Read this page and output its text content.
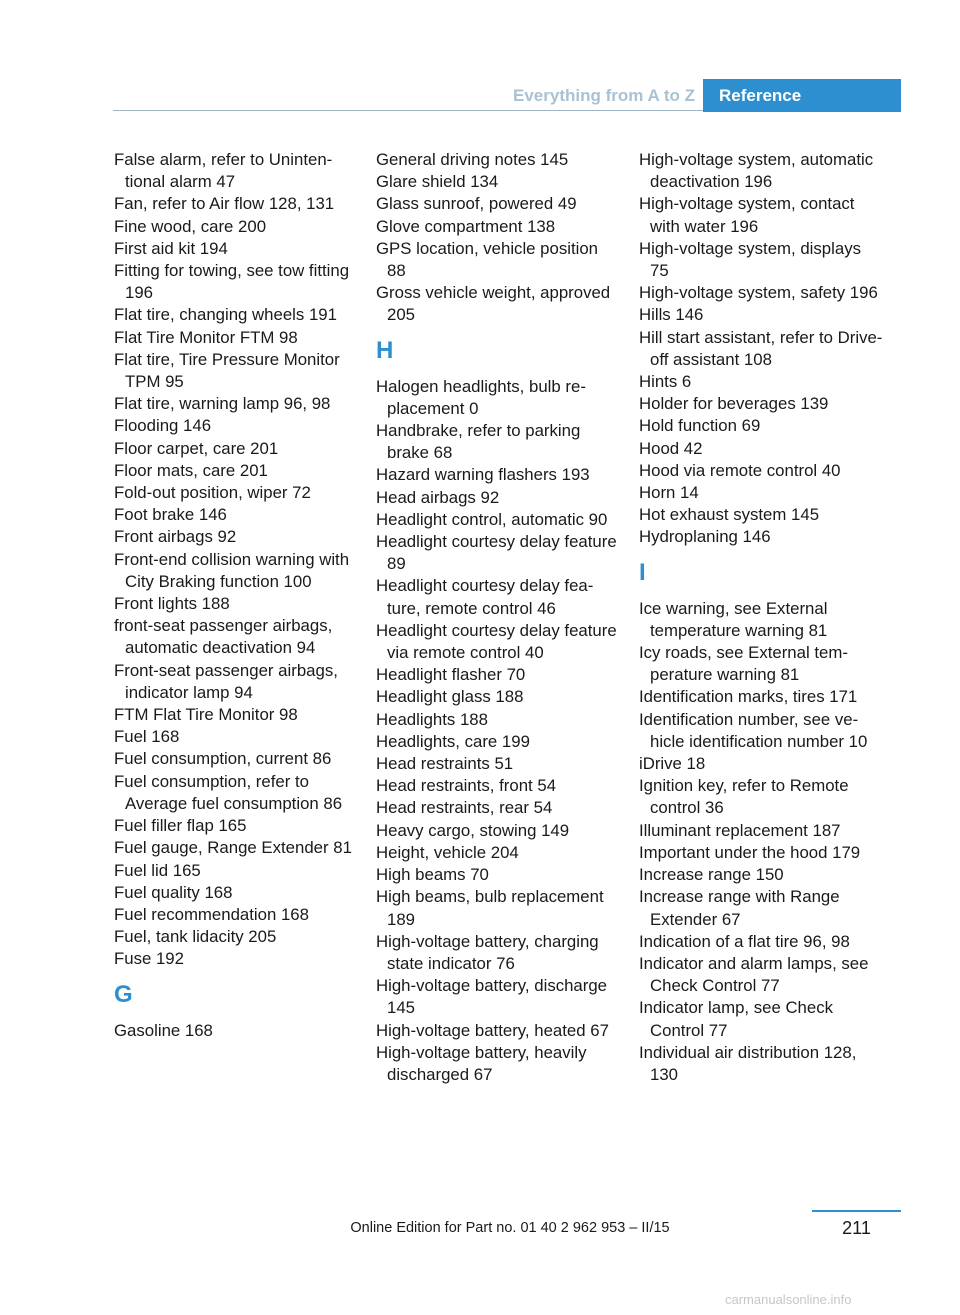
Everything from A to Z	Reference
False alarm, refer to Unintentional alarm 47
Fan, refer to Air flow 128, 131
Fine wood, care 200
First aid kit 194
Fitting for towing, see tow fitting 196
Flat tire, changing wheels 191
Flat Tire Monitor FTM 98
Flat tire, Tire Pressure Monitor TPM 95
Flat tire, warning lamp 96, 98
Flooding 146
Floor carpet, care 201
Floor mats, care 201
Fold-out position, wiper 72
Foot brake 146
Front airbags 92
Front-end collision warning with City Braking function 100
Front lights 188
front-seat passenger airbags, automatic deactivation 94
Front-seat passenger airbags, indicator lamp 94
FTM Flat Tire Monitor 98
Fuel 168
Fuel consumption, current 86
Fuel consumption, refer to Average fuel consumption 86
Fuel filler flap 165
Fuel gauge, Range Extender 81
Fuel lid 165
Fuel quality 168
Fuel recommendation 168
Fuel, tank lidacity 205
Fuse 192
G
Gasoline 168
General driving notes 145
Glare shield 134
Glass sunroof, powered 49
Glove compartment 138
GPS location, vehicle position 88
Gross vehicle weight, approved 205
H
Halogen headlights, bulb replacement 0
Handbrake, refer to parking brake 68
Hazard warning flashers 193
Head airbags 92
Headlight control, automatic 90
Headlight courtesy delay feature 89
Headlight courtesy delay feature, remote control 46
Headlight courtesy delay feature via remote control 40
Headlight flasher 70
Headlight glass 188
Headlights 188
Headlights, care 199
Head restraints 51
Head restraints, front 54
Head restraints, rear 54
Heavy cargo, stowing 149
Height, vehicle 204
High beams 70
High beams, bulb replacement 189
High-voltage battery, charging state indicator 76
High-voltage battery, discharge 145
High-voltage battery, heated 67
High-voltage battery, heavily discharged 67
High-voltage system, automatic deactivation 196
High-voltage system, contact with water 196
High-voltage system, displays 75
High-voltage system, safety 196
Hills 146
Hill start assistant, refer to Drive-off assistant 108
Hints 6
Holder for beverages 139
Hold function 69
Hood 42
Hood via remote control 40
Horn 14
Hot exhaust system 145
Hydroplaning 146
I
Ice warning, see External temperature warning 81
Icy roads, see External temperature warning 81
Identification marks, tires 171
Identification number, see vehicle identification number 10
iDrive 18
Ignition key, refer to Remote control 36
Illuminant replacement 187
Important under the hood 179
Increase range 150
Increase range with Range Extender 67
Indication of a flat tire 96, 98
Indicator and alarm lamps, see Check Control 77
Indicator lamp, see Check Control 77
Individual air distribution 128, 130
Online Edition for Part no. 01 40 2 962 953 – II/15	211
carmanualsonline.info
